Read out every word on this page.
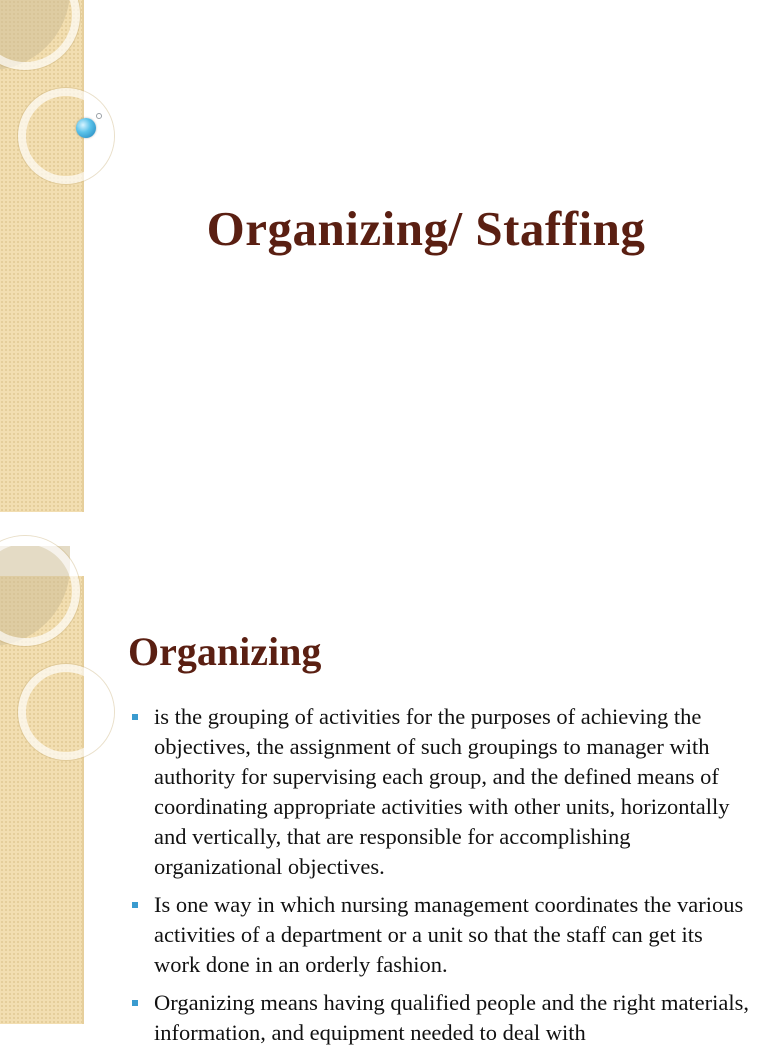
Organizing/ Staffing
Organizing
is the grouping of activities for the purposes of achieving the objectives, the assignment of such groupings to manager with authority for supervising each group, and the defined means of coordinating appropriate activities with other units, horizontally and vertically, that are responsible for accomplishing organizational objectives.
Is one way in which nursing management coordinates the various activities of a department or a unit so that the staff can get its work done in an orderly fashion.
Organizing means having qualified people and the right materials, information, and equipment needed to deal with
